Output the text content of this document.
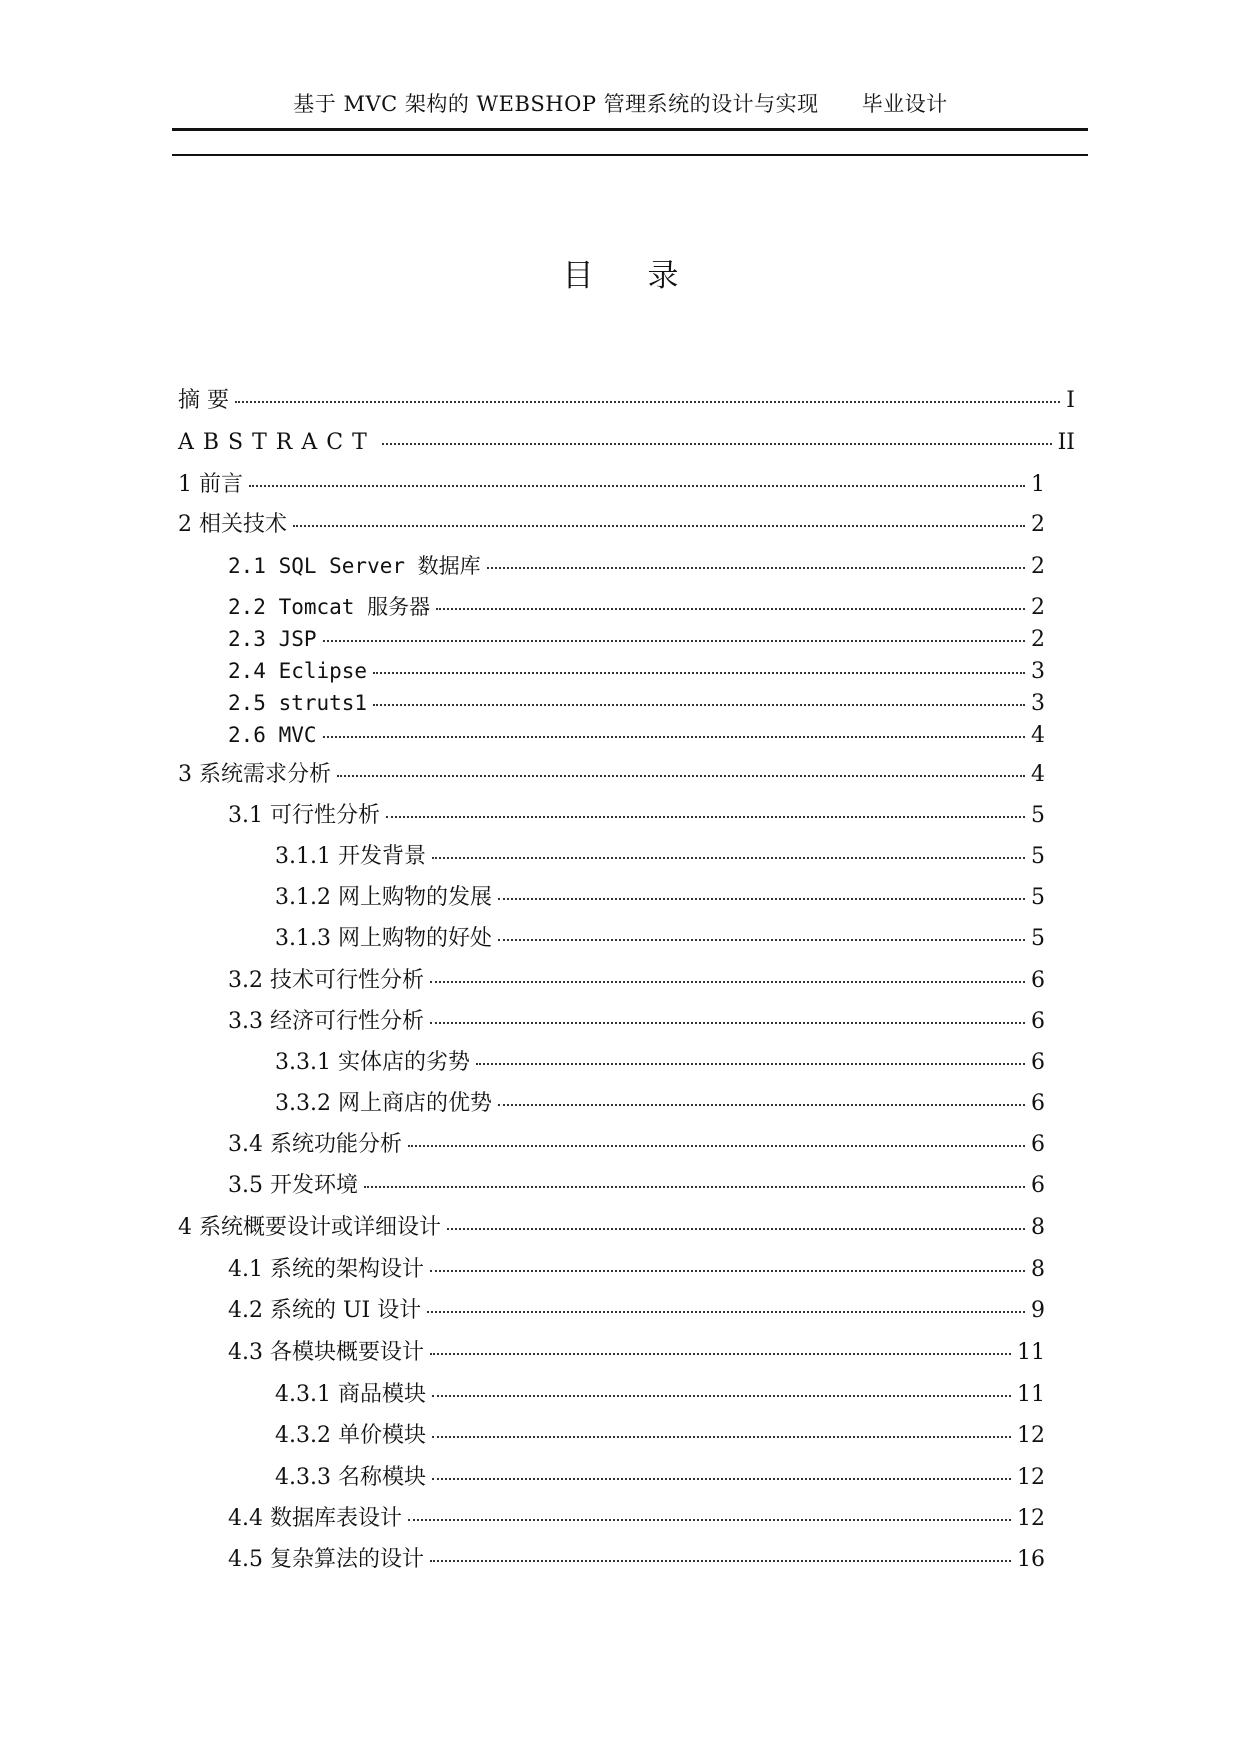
基于 MVC 架构的 WEBSHOP 管理系统的设计与实现 毕业设计
目录
摘 要	I
ABSTRACT	II
1 前言	1
2 相关技术	2
2.1 SQL Server 数据库	2
2.2 Tomcat 服务器	2
2.3 JSP	2
2.4 Eclipse	3
2.5 struts1	3
2.6 MVC	4
3 系统需求分析	4
3.1 可行性分析	5
3.1.1 开发背景	5
3.1.2 网上购物的发展	5
3.1.3 网上购物的好处	5
3.2 技术可行性分析	6
3.3 经济可行性分析	6
3.3.1 实体店的劣势	6
3.3.2 网上商店的优势	6
3.4 系统功能分析	6
3.5 开发环境	6
4 系统概要设计或详细设计	8
4.1 系统的架构设计	8
4.2 系统的 UI 设计	9
4.3 各模块概要设计	11
4.3.1 商品模块	11
4.3.2 单价模块	12
4.3.3 名称模块	12
4.4 数据库表设计	12
4.5 复杂算法的设计	16
